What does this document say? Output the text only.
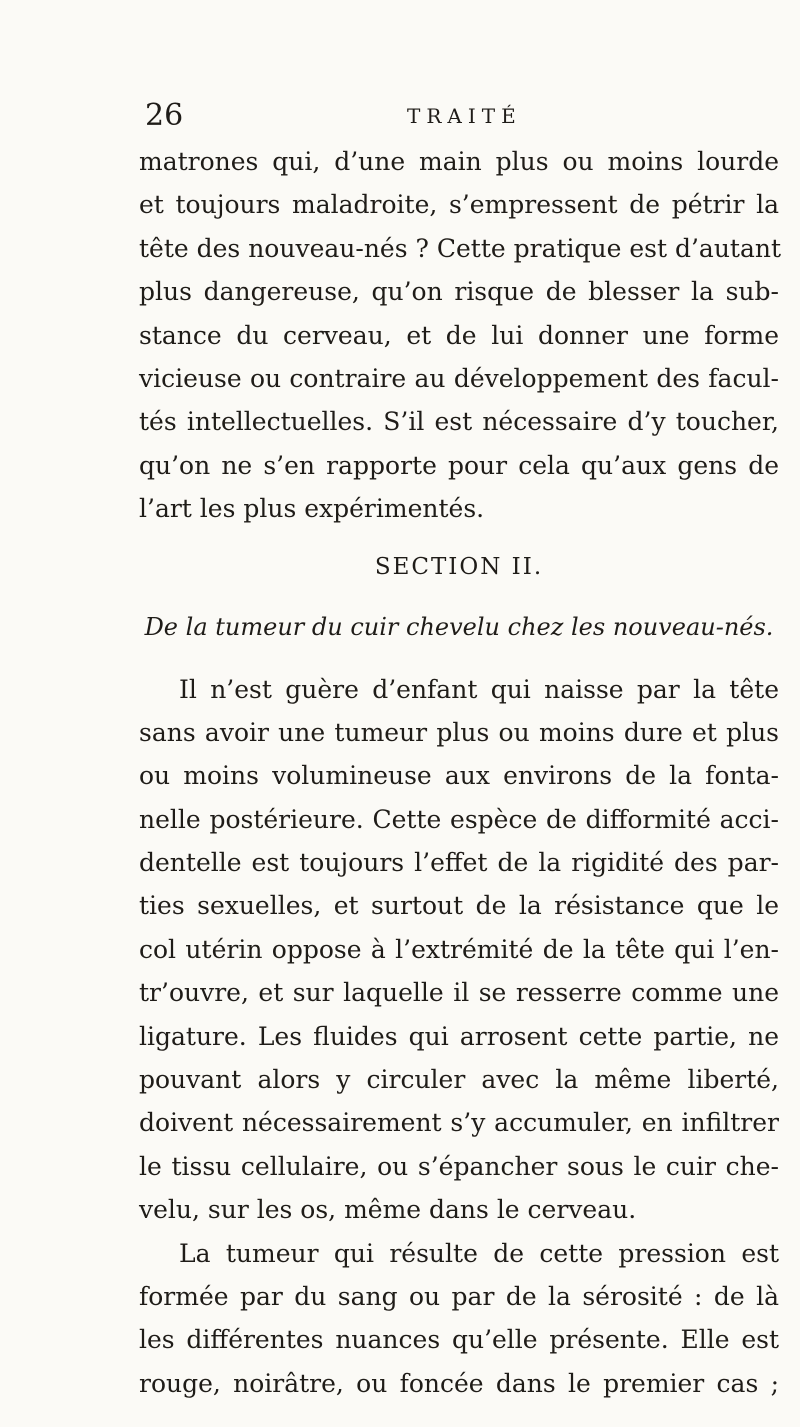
26	TRAITÉ
matrones qui, d’une main plus ou moins lourde
et toujours maladroite, s’empressent de pétrir la
tête des nouveau-nés ? Cette pratique est d’autant
plus dangereuse, qu’on risque de blesser la sub-
stance du cerveau, et de lui donner une forme
vicieuse ou contraire au développement des facul-
tés intellectuelles. S’il est nécessaire d’y toucher,
qu’on ne s’en rapporte pour cela qu’aux gens de
l’art les plus expérimentés.
SECTION II.
De la tumeur du cuir chevelu chez les nouveau-nés.
Il n’est guère d’enfant qui naisse par la tête
sans avoir une tumeur plus ou moins dure et plus
ou moins volumineuse aux environs de la fonta-
nelle postérieure. Cette espèce de difformité acci-
dentelle est toujours l’effet de la rigidité des par-
ties sexuelles, et surtout de la résistance que le
col utérin oppose à l’extrémité de la tête qui l’en-
tr’ouvre, et sur laquelle il se resserre comme une
ligature. Les fluides qui arrosent cette partie, ne
pouvant alors y circuler avec la même liberté,
doivent nécessairement s’y accumuler, en infiltrer
le tissu cellulaire, ou s’épancher sous le cuir che-
velu, sur les os, même dans le cerveau.
La tumeur qui résulte de cette pression est
formée par du sang ou par de la sérosité : de là
les différentes nuances qu’elle présente. Elle est
rouge, noirâtre, ou foncée dans le premier cas ;
